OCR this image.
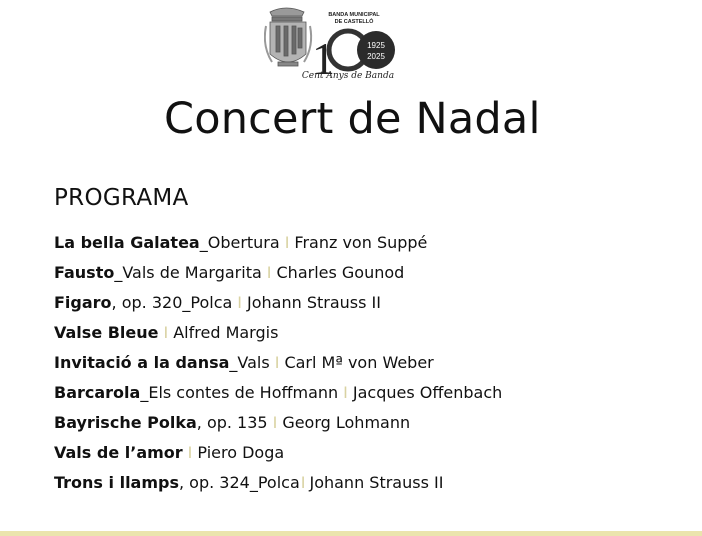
BANDA MUNICIPAL
DE CASTELLÓ
1	1925
2025
Cent Anys de Banda
Concert de Nadal
PROGRAMA
La bella Galatea_Obertura I Franz von Suppé
Fausto_Vals de Margarita I Charles Gounod
Figaro, op. 320_Polca I Johann Strauss II
Valse Bleue I Alfred Margis
Invitació a la dansa_Vals I Carl Mª von Weber
Barcarola_Els contes de Hoffmann I Jacques Offenbach
Bayrische Polka, op. 135 I Georg Lohmann
Vals de l’amor I Piero Doga
Trons i llamps, op. 324_PolcaI Johann Strauss II
